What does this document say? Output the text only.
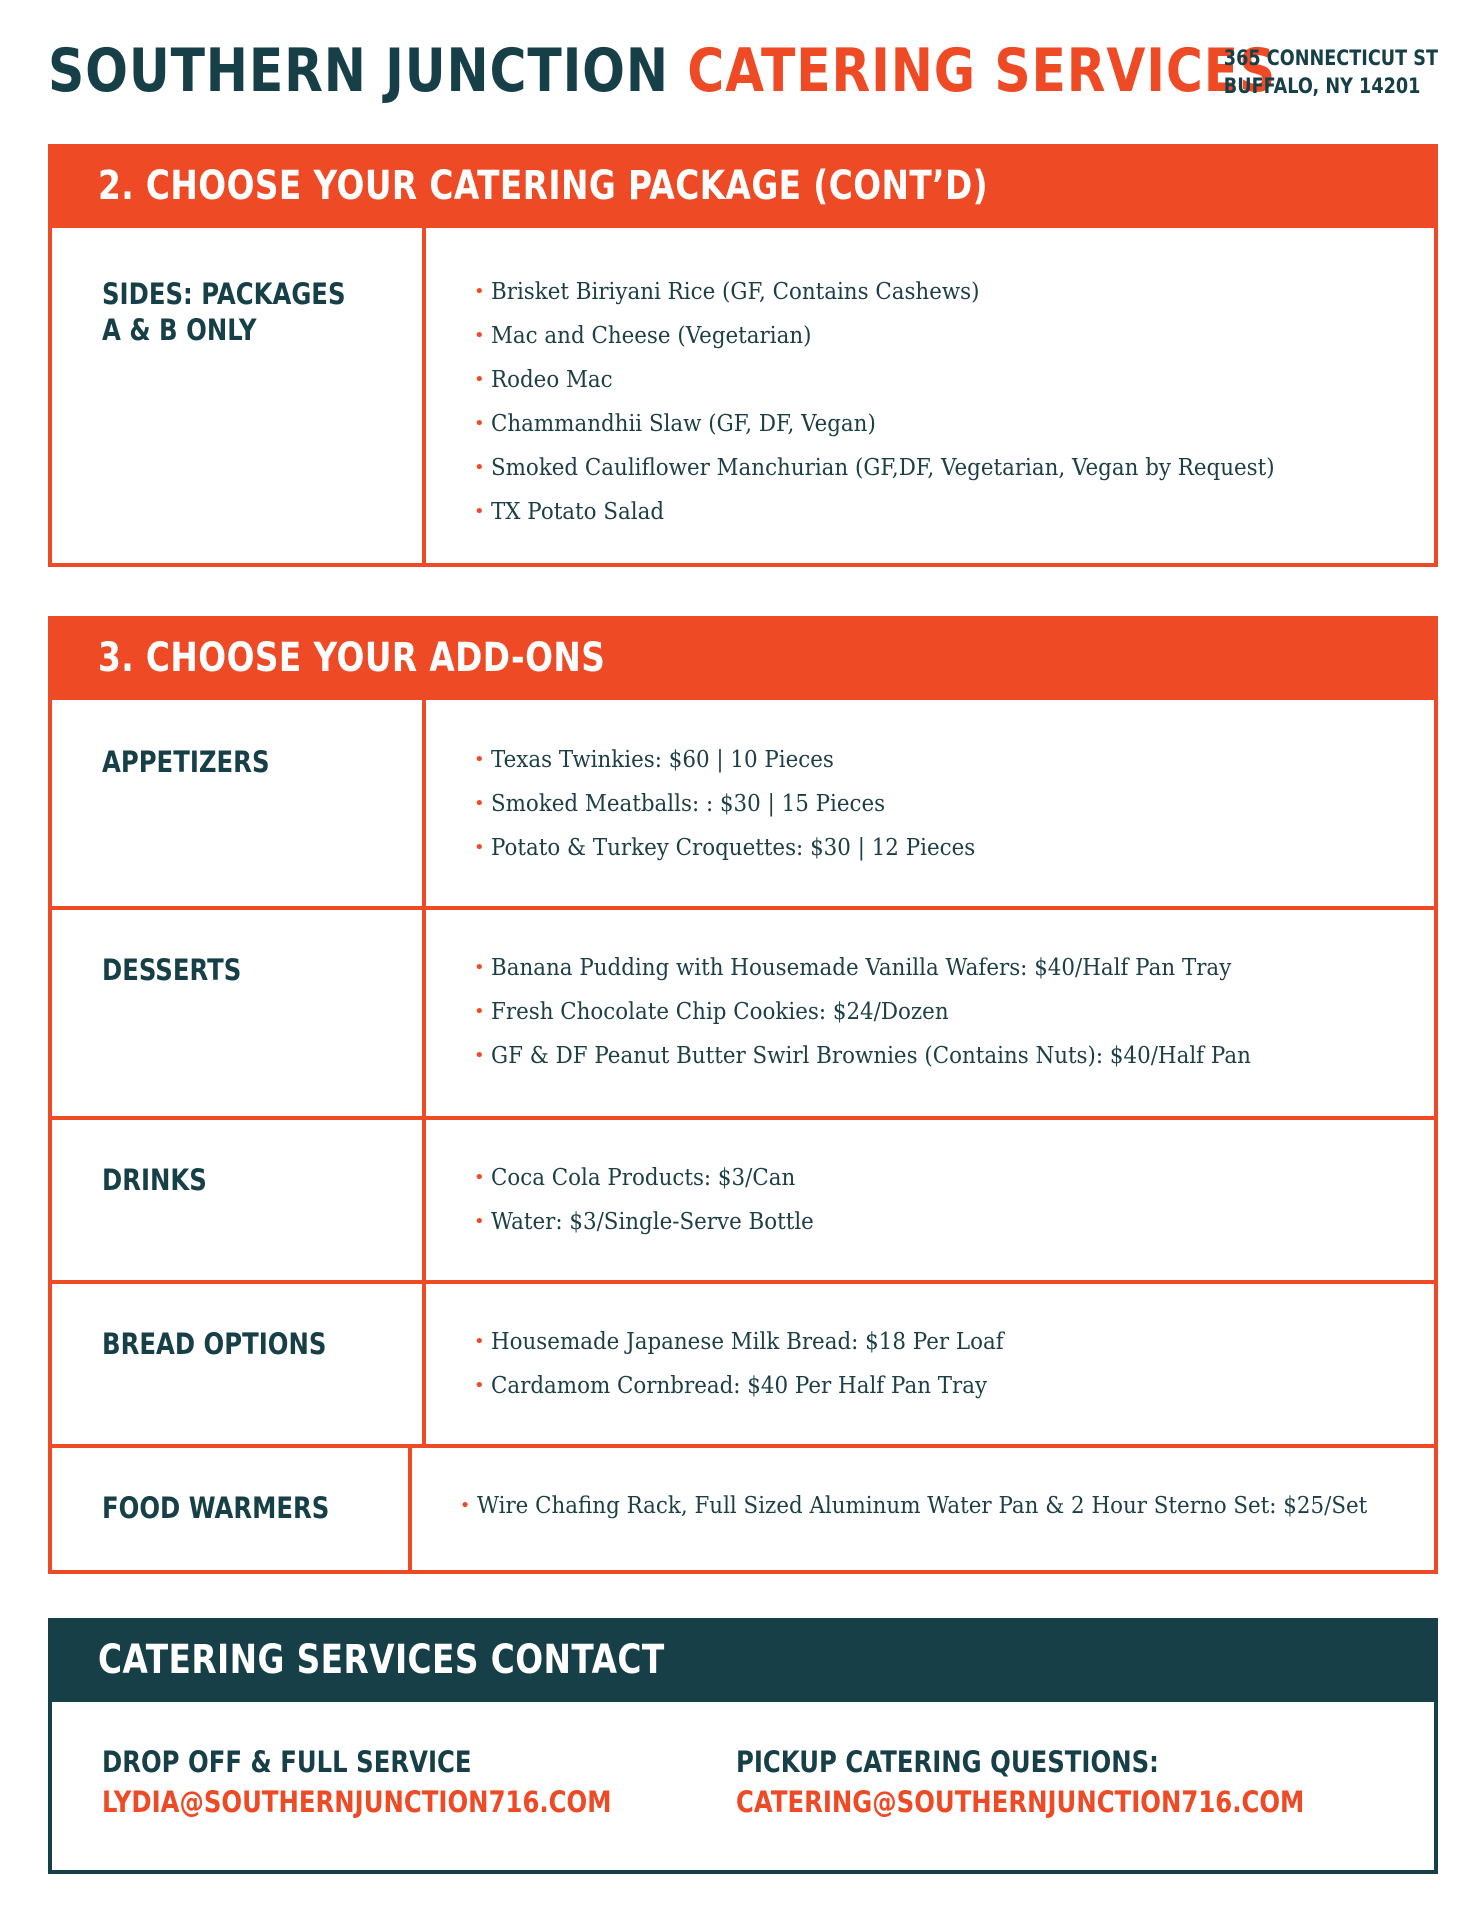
SOUTHERN JUNCTION CATERING SERVICES
365 CONNECTICUT ST
BUFFALO, NY 14201
2. CHOOSE YOUR CATERING PACKAGE (CONT’D)
SIDES: PACKAGES
A & B ONLY
• Brisket Biriyani Rice (GF, Contains Cashews)
• Mac and Cheese (Vegetarian)
• Rodeo Mac
• Chammandhii Slaw (GF, DF, Vegan)
• Smoked Cauliflower Manchurian (GF,DF, Vegetarian, Vegan by Request)
• TX Potato Salad
3. CHOOSE YOUR ADD-ONS
APPETIZERS	• Texas Twinkies: $60 | 10 Pieces
• Smoked Meatballs: : $30 | 15 Pieces
• Potato & Turkey Croquettes: $30 | 12 Pieces
DESSERTS	• Banana Pudding with Housemade Vanilla Wafers: $40/Half Pan Tray
• Fresh Chocolate Chip Cookies: $24/Dozen
• GF & DF Peanut Butter Swirl Brownies (Contains Nuts): $40/Half Pan
DRINKS	• Coca Cola Products: $3/Can
• Water: $3/Single-Serve Bottle
BREAD OPTIONS	• Housemade Japanese Milk Bread: $18 Per Loaf
• Cardamom Cornbread: $40 Per Half Pan Tray
FOOD WARMERS	• Wire Chafing Rack, Full Sized Aluminum Water Pan & 2 Hour Sterno Set: $25/Set
CATERING SERVICES CONTACT
DROP OFF & FULL SERVICE
LYDIA@SOUTHERNJUNCTION716.COM
PICKUP CATERING QUESTIONS:
CATERING@SOUTHERNJUNCTION716.COM
